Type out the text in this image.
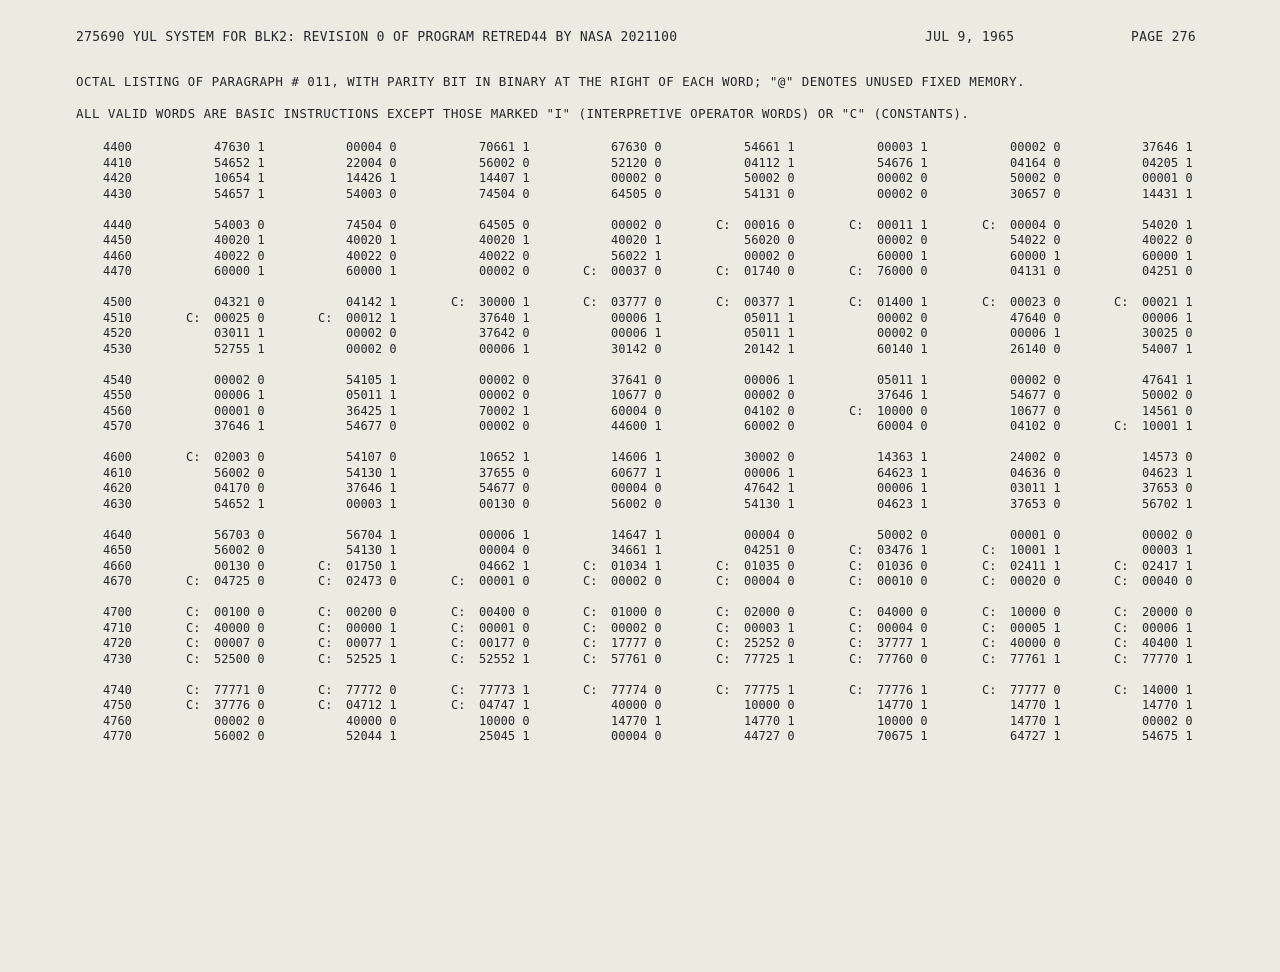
275690 YUL SYSTEM FOR BLK2: REVISION 0 OF PROGRAM RETRED44 BY NASA 2021100	JUL 9, 1965	PAGE 276
OCTAL LISTING OF PARAGRAPH # 011, WITH PARITY BIT IN BINARY AT THE RIGHT OF EACH WORD; "@" DENOTES UNUSED FIXED MEMORY.
ALL VALID WORDS ARE BASIC INSTRUCTIONS EXCEPT THOSE MARKED "I" (INTERPRETIVE OPERATOR WORDS) OR "C" (CONSTANTS).
4400	47630 1	00004 0	70661 1	67630 0	54661 1	00003 1	00002 0	37646 1
4410	54652 1	22004 0	56002 0	52120 0	04112 1	54676 1	04164 0	04205 1
4420	10654 1	14426 1	14407 1	00002 0	50002 0	00002 0	50002 0	00001 0
4430	54657 1	54003 0	74504 0	64505 0	54131 0	00002 0	30657 0	14431 1
4440	54003 0	74504 0	64505 0	00002 0	C: 00016 0	C: 00011 1	C: 00004 0	54020 1
4450	40020 1	40020 1	40020 1	40020 1	56020 0	00002 0	54022 0	40022 0
4460	40022 0	40022 0	40022 0	56022 1	00002 0	60000 1	60000 1	60000 1
4470	60000 1	60000 1	00002 0	C: 00037 0	C: 01740 0	C: 76000 0	04131 0	04251 0
4500	04321 0	04142 1	C: 30000 1	C: 03777 0	C: 00377 1	C: 01400 1	C: 00023 0	C: 00021 1
4510	C: 00025 0	C: 00012 1	37640 1	00006 1	05011 1	00002 0	47640 0	00006 1
4520	03011 1	00002 0	37642 0	00006 1	05011 1	00002 0	00006 1	30025 0
4530	52755 1	00002 0	00006 1	30142 0	20142 1	60140 1	26140 0	54007 1
4540	00002 0	54105 1	00002 0	37641 0	00006 1	05011 1	00002 0	47641 1
4550	00006 1	05011 1	00002 0	10677 0	00002 0	37646 1	54677 0	50002 0
4560	00001 0	36425 1	70002 1	60004 0	04102 0	C: 10000 0	10677 0	14561 0
4570	37646 1	54677 0	00002 0	44600 1	60002 0	60004 0	04102 0	C: 10001 1
4600	C: 02003 0	54107 0	10652 1	14606 1	30002 0	14363 1	24002 0	14573 0
4610	56002 0	54130 1	37655 0	60677 1	00006 1	64623 1	04636 0	04623 1
4620	04170 0	37646 1	54677 0	00004 0	47642 1	00006 1	03011 1	37653 0
4630	54652 1	00003 1	00130 0	56002 0	54130 1	04623 1	37653 0	56702 1
4640	56703 0	56704 1	00006 1	14647 1	00004 0	50002 0	00001 0	00002 0
4650	56002 0	54130 1	00004 0	34661 1	04251 0	C: 03476 1	C: 10001 1	00003 1
4660	00130 0	C: 01750 1	04662 1	C: 01034 1	C: 01035 0	C: 01036 0	C: 02411 1	C: 02417 1
4670	C: 04725 0	C: 02473 0	C: 00001 0	C: 00002 0	C: 00004 0	C: 00010 0	C: 00020 0	C: 00040 0
4700	C: 00100 0	C: 00200 0	C: 00400 0	C: 01000 0	C: 02000 0	C: 04000 0	C: 10000 0	C: 20000 0
4710	C: 40000 0	C: 00000 1	C: 00001 0	C: 00002 0	C: 00003 1	C: 00004 0	C: 00005 1	C: 00006 1
4720	C: 00007 0	C: 00077 1	C: 00177 0	C: 17777 0	C: 25252 0	C: 37777 1	C: 40000 0	C: 40400 1
4730	C: 52500 0	C: 52525 1	C: 52552 1	C: 57761 0	C: 77725 1	C: 77760 0	C: 77761 1	C: 77770 1
4740	C: 77771 0	C: 77772 0	C: 77773 1	C: 77774 0	C: 77775 1	C: 77776 1	C: 77777 0	C: 14000 1
4750	C: 37776 0	C: 04712 1	C: 04747 1	40000 0	10000 0	14770 1	14770 1	14770 1
4760	00002 0	40000 0	10000 0	14770 1	14770 1	10000 0	14770 1	00002 0
4770	56002 0	52044 1	25045 1	00004 0	44727 0	70675 1	64727 1	54675 1
